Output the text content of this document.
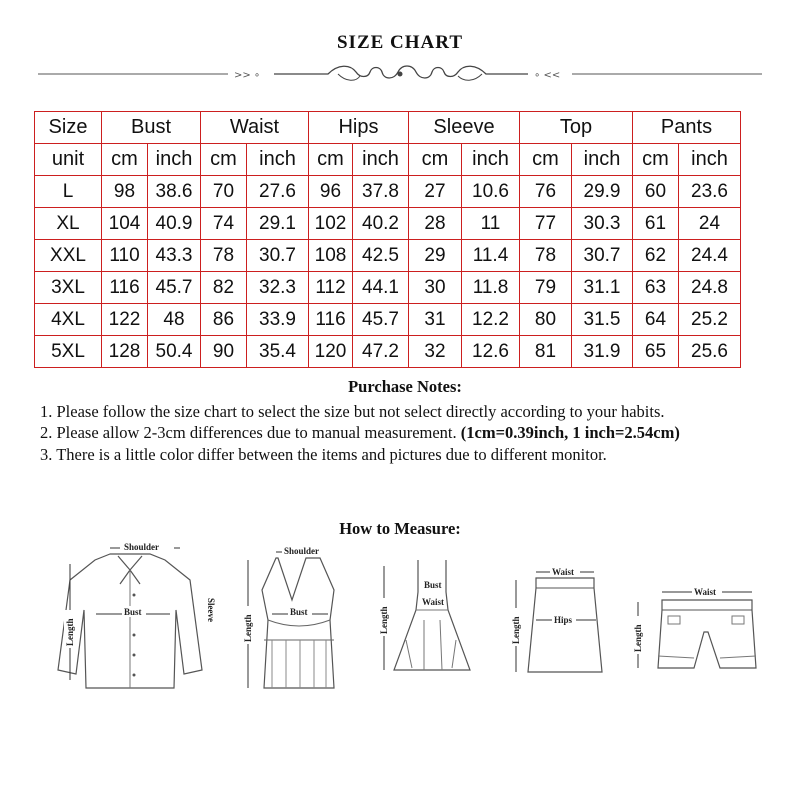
SIZE CHART
>> ∘	∘ <<
Size	Bust		Waist		Hips		Sleeve		Top		Pants	
unit	cm	inch	cm	inch	cm	inch	cm	inch	cm	inch	cm	inch
L	98	38.6	70	27.6	96	37.8	27	10.6	76	29.9	60	23.6
XL	104	40.9	74	29.1	102	40.2	28	11	77	30.3	61	24
XXL	110	43.3	78	30.7	108	42.5	29	11.4	78	30.7	62	24.4
3XL	116	45.7	82	32.3	112	44.1	30	11.8	79	31.1	63	24.8
4XL	122	48	86	33.9	116	45.7	31	12.2	80	31.5	64	25.2
5XL	128	50.4	90	35.4	120	47.2	32	12.6	81	31.9	65	25.6
Purchase Notes:

1. Please follow the size chart to select the size but not select directly according to your habits.

2. Please allow 2-3cm differences due to manual measurement. (1cm=0.39inch, 1 inch=2.54cm)

3. There is a little color differ between the items and pictures due to different monitor.

How to Measure:
Shoulder
Bust	Sleeve
Length
Shoulder
Bust
Length
Bust
Waist
Length
Waist
Hips
Length
Waist
Length
